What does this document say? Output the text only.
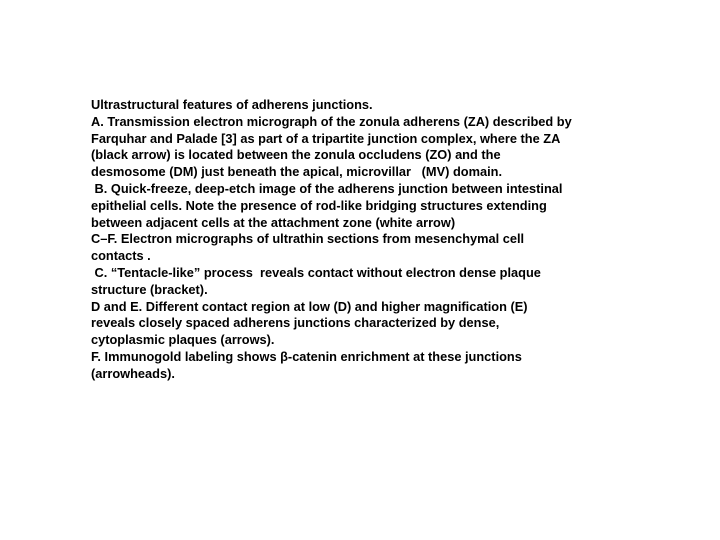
Ultrastructural features of adherens junctions.
A. Transmission electron micrograph of the zonula adherens (ZA) described by
Farquhar and Palade [3] as part of a tripartite junction complex, where the ZA
(black arrow) is located between the zonula occludens (ZO) and the
desmosome (DM) just beneath the apical, microvillar   (MV) domain.
B. Quick-freeze, deep-etch image of the adherens junction between intestinal
epithelial cells. Note the presence of rod-like bridging structures extending
between adjacent cells at the attachment zone (white arrow)
C–F. Electron micrographs of ultrathin sections from mesenchymal cell
contacts .
C. “Tentacle-like” process  reveals contact without electron dense plaque
structure (bracket).
D and E. Different contact region at low (D) and higher magnification (E)
reveals closely spaced adherens junctions characterized by dense,
cytoplasmic plaques (arrows).
F. Immunogold labeling shows β-catenin enrichment at these junctions
(arrowheads).
